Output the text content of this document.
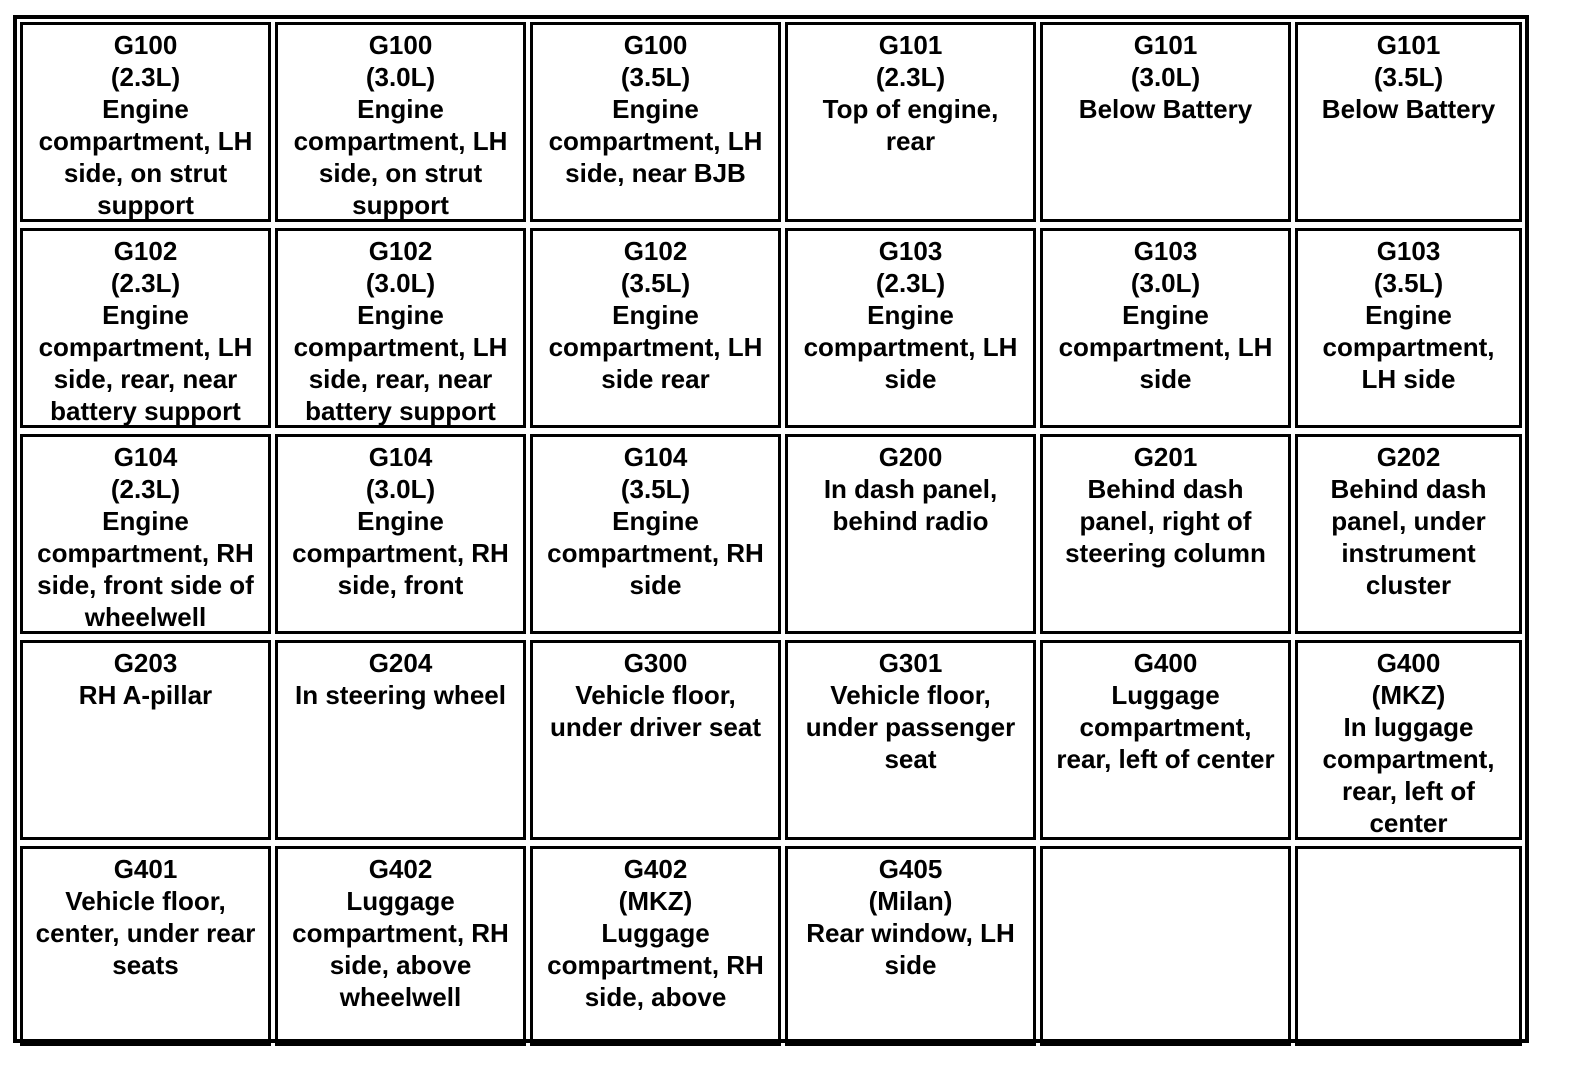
G100
(2.3L)
Engine
compartment, LH
side, on strut
support
G100
(3.0L)
Engine
compartment, LH
side, on strut
support
G100
(3.5L)
Engine
compartment, LH
side, near BJB
G101
(2.3L)
Top of engine,
rear
G101
(3.0L)
Below Battery
G101
(3.5L)
Below Battery
G102
(2.3L)
Engine
compartment, LH
side, rear, near
battery support
G102
(3.0L)
Engine
compartment, LH
side, rear, near
battery support
G102
(3.5L)
Engine
compartment, LH
side rear
G103
(2.3L)
Engine
compartment, LH
side
G103
(3.0L)
Engine
compartment, LH
side
G103
(3.5L)
Engine
compartment,
LH side
G104
(2.3L)
Engine
compartment, RH
side, front side of
wheelwell
G104
(3.0L)
Engine
compartment, RH
side, front
G104
(3.5L)
Engine
compartment, RH
side
G200
In dash panel,
behind radio
G201
Behind dash
panel, right of
steering column
G202
Behind dash
panel, under
instrument
cluster
G203
RH A-pillar
G204
In steering wheel
G300
Vehicle floor,
under driver seat
G301
Vehicle floor,
under passenger
seat
G400
Luggage
compartment,
rear, left of center
G400
(MKZ)
In luggage
compartment,
rear, left of
center
G401
Vehicle floor,
center, under rear
seats
G402
Luggage
compartment, RH
side, above
wheelwell
G402
(MKZ)
Luggage
compartment, RH
side, above
G405
(Milan)
Rear window, LH
side
